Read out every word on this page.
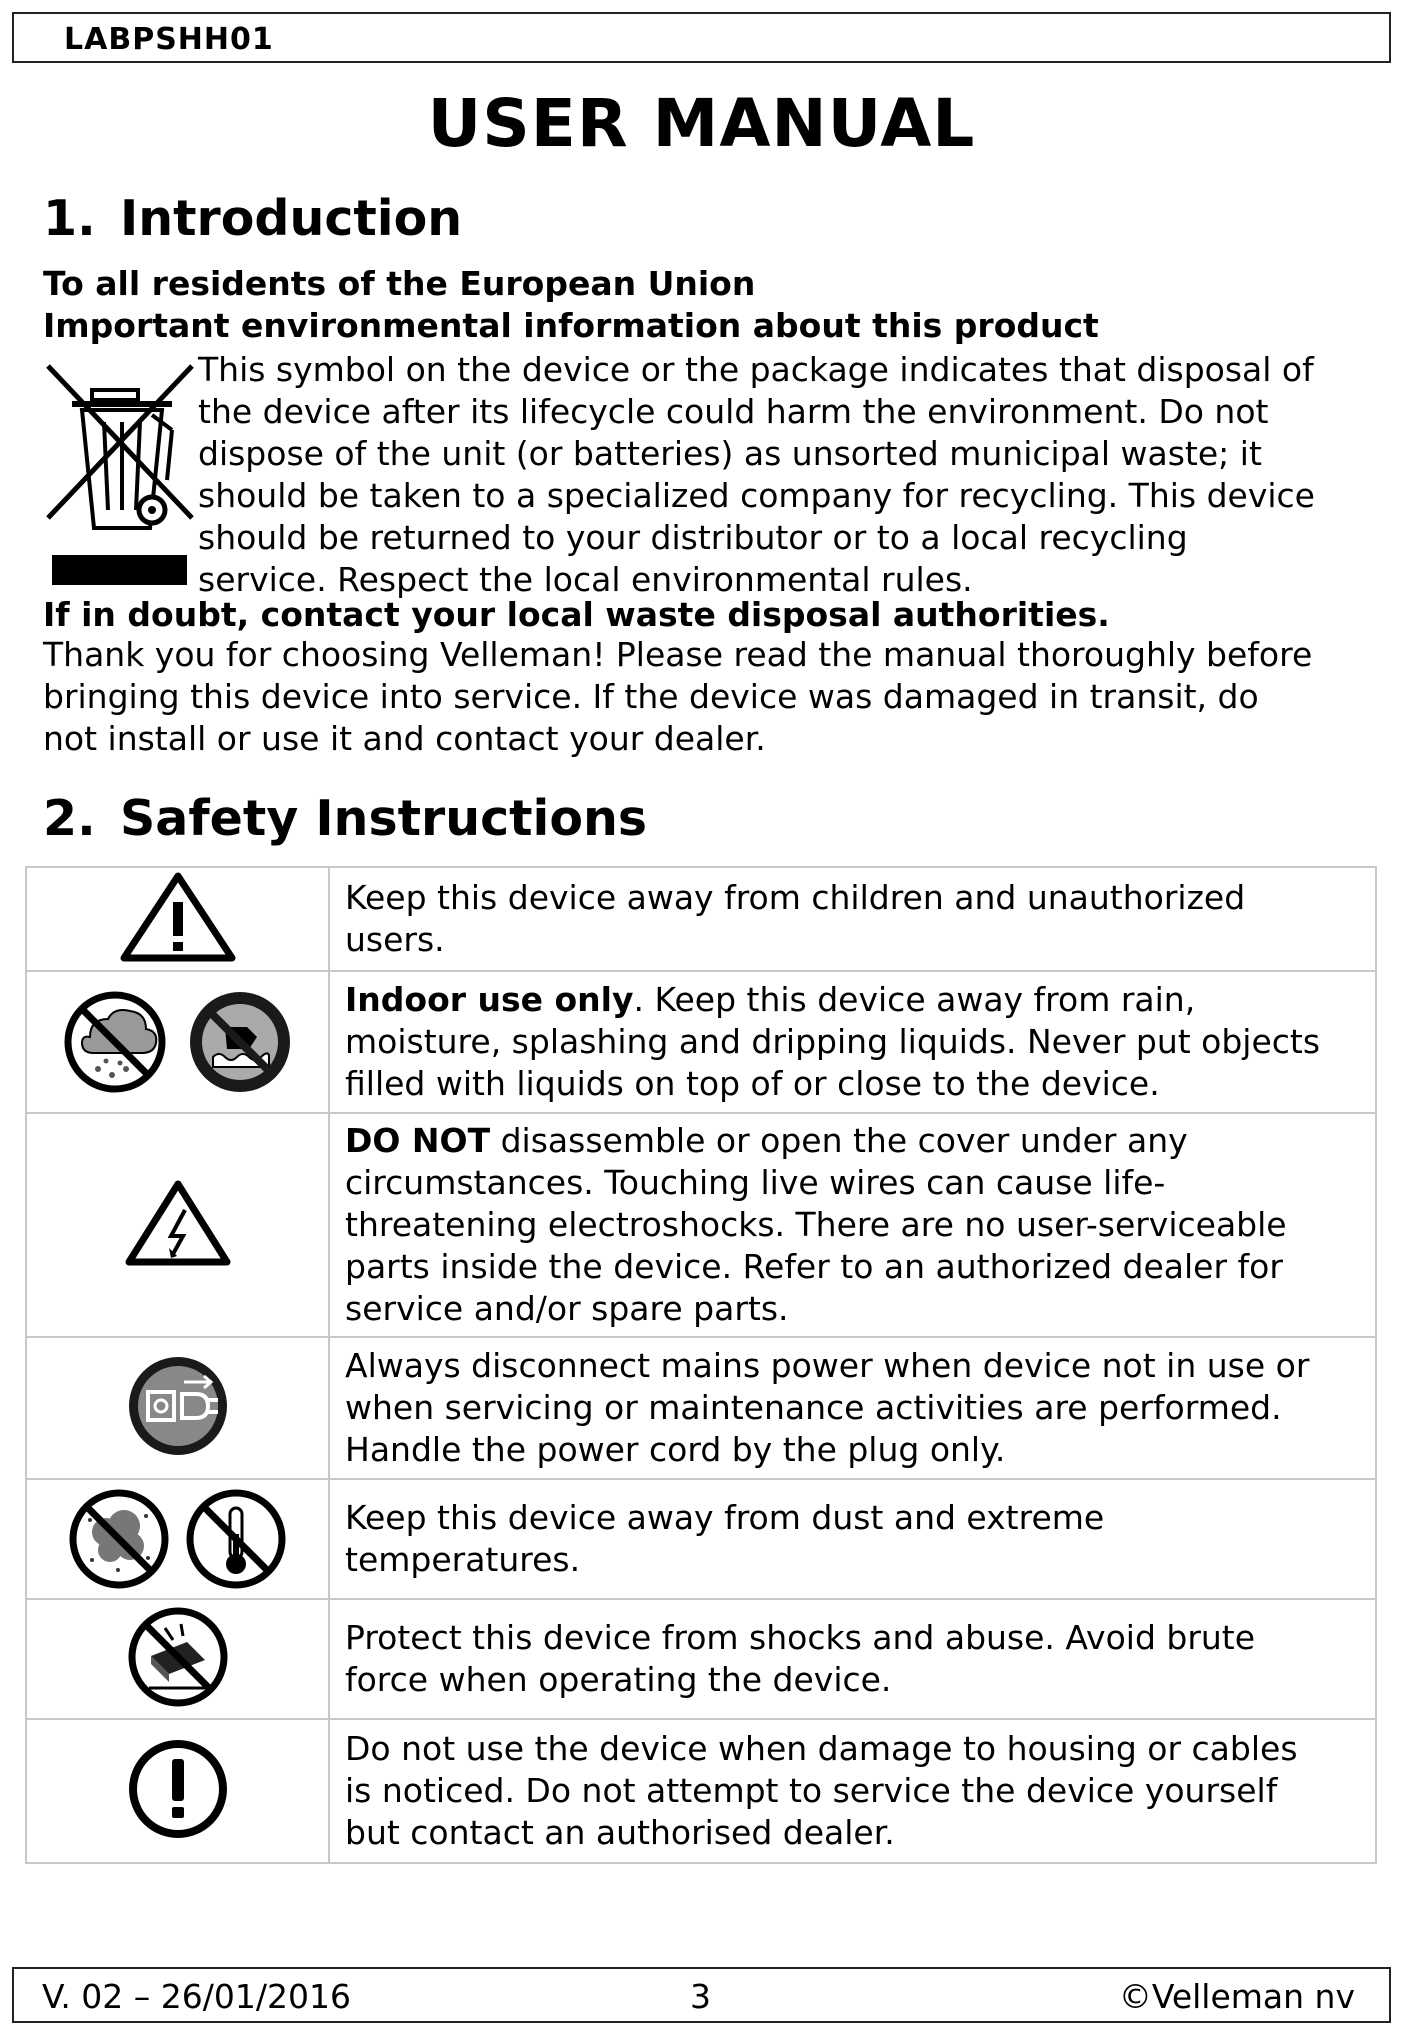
LABPSHH01
USER MANUAL
1. Introduction
To all residents of the European Union
Important environmental information about this product
This symbol on the device or the package indicates that disposal of
the device after its lifecycle could harm the environment. Do not
dispose of the unit (or batteries) as unsorted municipal waste; it
should be taken to a specialized company for recycling. This device
should be returned to your distributor or to a local recycling
service. Respect the local environmental rules.
If in doubt, contact your local waste disposal authorities.
Thank you for choosing Velleman! Please read the manual thoroughly before
bringing this device into service. If the device was damaged in transit, do
not install or use it and contact your dealer.
2. Safety Instructions

Keep this device away from children and unauthorized
users.

Indoor use only. Keep this device away from rain,
moisture, splashing and dripping liquids. Never put objects
filled with liquids on top of or close to the device.

DO NOT disassemble or open the cover under any
circumstances. Touching live wires can cause life-
threatening electroshocks. There are no user-serviceable
parts inside the device. Refer to an authorized dealer for
service and/or spare parts.

Always disconnect mains power when device not in use or
when servicing or maintenance activities are performed.
Handle the power cord by the plug only.

Keep this device away from dust and extreme
temperatures.

Protect this device from shocks and abuse. Avoid brute
force when operating the device.

Do not use the device when damage to housing or cables
is noticed. Do not attempt to service the device yourself
but contact an authorised dealer.
V. 02 – 26/01/2016	3	©Velleman nv
